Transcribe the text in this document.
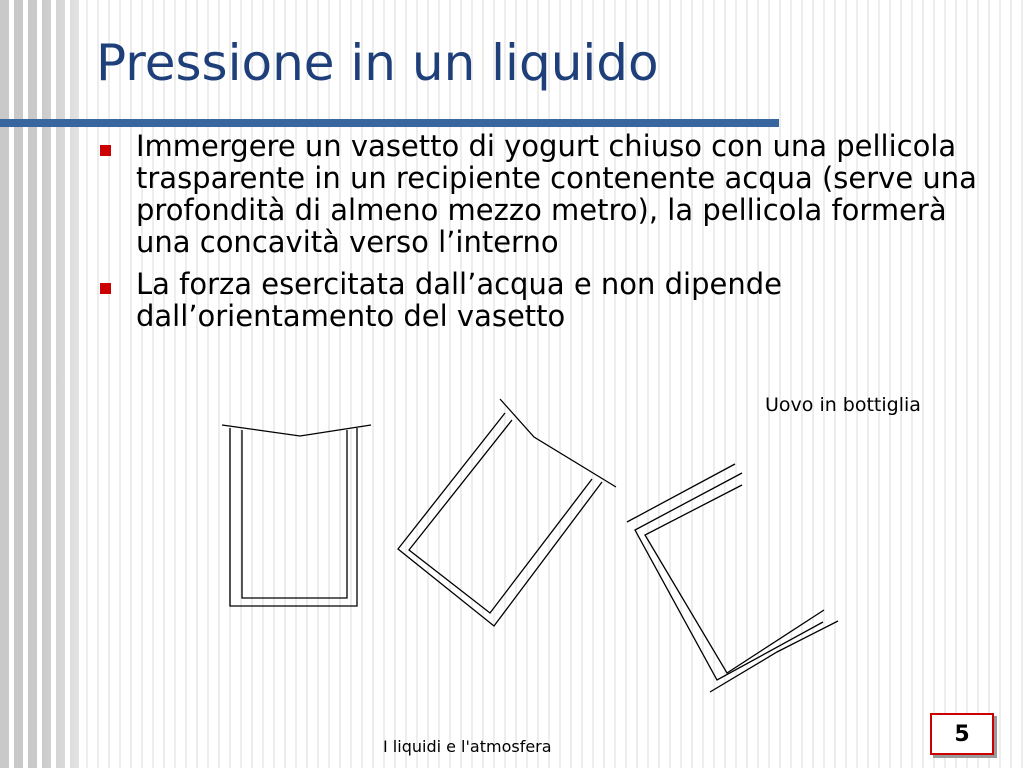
Pressione in un liquido
Immergere un vasetto di yogurt chiuso con una pellicola trasparente in un recipiente contenente acqua (serve una profondità di almeno mezzo metro), la pellicola formerà una concavità verso l’interno
La forza esercitata dall’acqua e non dipende dall’orientamento del vasetto
Uovo in bottiglia
I liquidi e l'atmosfera	5
